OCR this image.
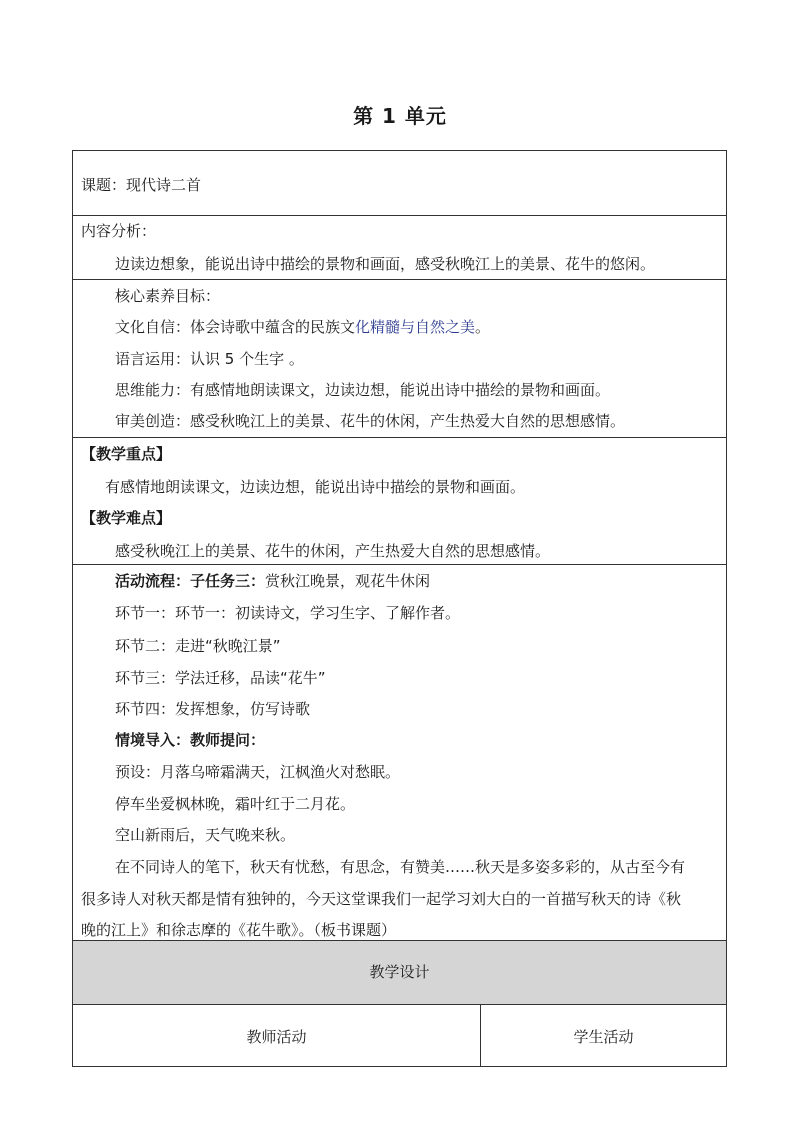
第 1 单元
课题：现代诗二首
内容分析：
边读边想象，能说出诗中描绘的景物和画面，感受秋晚江上的美景、花牛的悠闲。
核心素养目标：
文化自信：体会诗歌中蕴含的民族文化精髓与自然之美。
语言运用：认识 5 个生字 。
思维能力：有感情地朗读课文，边读边想，能说出诗中描绘的景物和画面。
审美创造：感受秋晚江上的美景、花牛的休闲，产生热爱大自然的思想感情。
【教学重点】
有感情地朗读课文，边读边想，能说出诗中描绘的景物和画面。
【教学难点】
感受秋晚江上的美景、花牛的休闲，产生热爱大自然的思想感情。
活动流程：子任务三：赏秋江晚景，观花牛休闲
环节一：环节一：初读诗文，学习生字、了解作者。
环节二：走进“秋晚江景”
环节三：学法迁移，品读“花牛”
环节四：发挥想象，仿写诗歌
情境导入：教师提问：
预设：月落乌啼霜满天，江枫渔火对愁眠。
停车坐爱枫林晚，霜叶红于二月花。
空山新雨后，天气晚来秋。
在不同诗人的笔下，秋天有忧愁，有思念，有赞美……秋天是多姿多彩的，从古至今有
很多诗人对秋天都是情有独钟的，今天这堂课我们一起学习刘大白的一首描写秋天的诗《秋
晚的江上》和徐志摩的《花牛歌》。（板书课题）
教学设计
教师活动	学生活动
